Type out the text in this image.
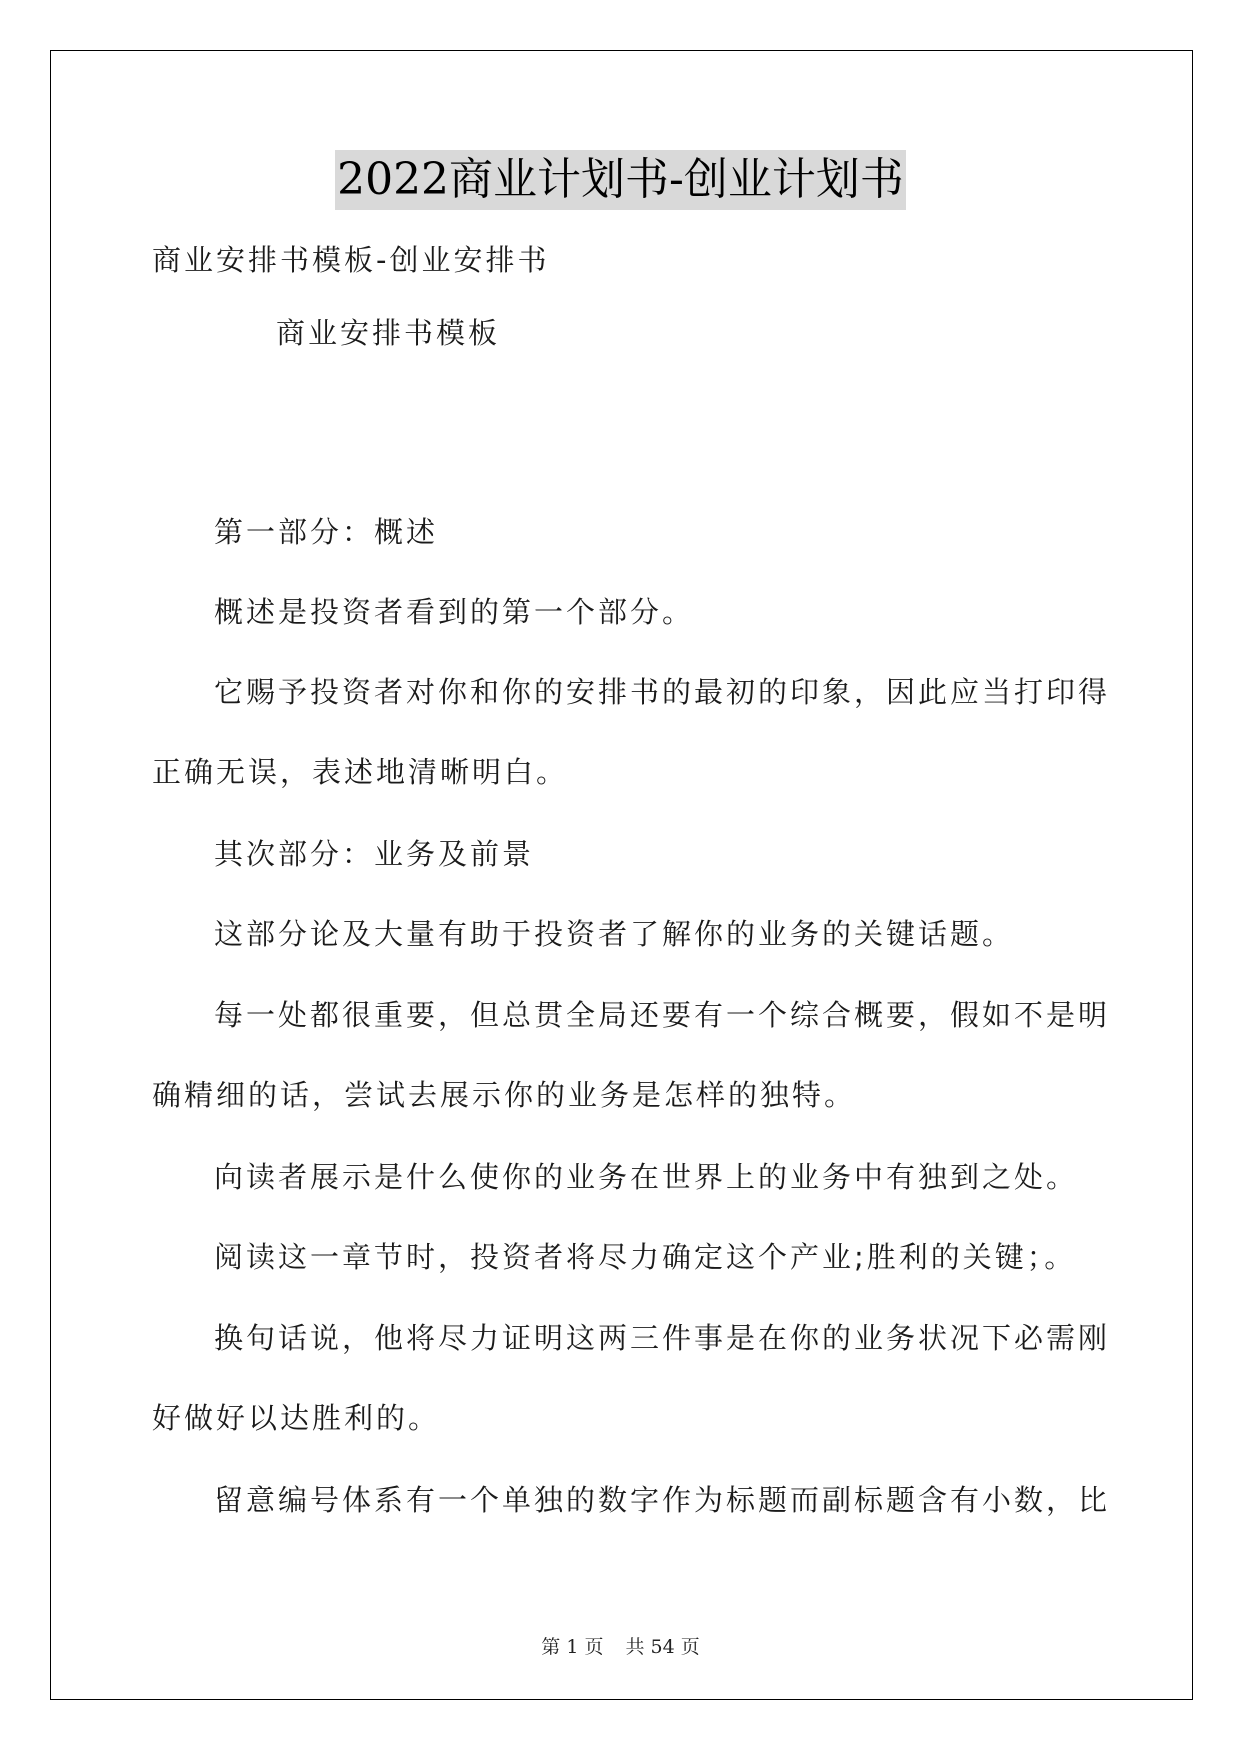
2022商业计划书-创业计划书
商业安排书模板-创业安排书
商业安排书模板
第一部分：概述
概述是投资者看到的第一个部分。
它赐予投资者对你和你的安排书的最初的印象，因此应当打印得
正确无误，表述地清晰明白。
其次部分：业务及前景
这部分论及大量有助于投资者了解你的业务的关键话题。
每一处都很重要，但总贯全局还要有一个综合概要，假如不是明
确精细的话，尝试去展示你的业务是怎样的独特。
向读者展示是什么使你的业务在世界上的业务中有独到之处。
阅读这一章节时，投资者将尽力确定这个产业;胜利的关键；。
换句话说，他将尽力证明这两三件事是在你的业务状况下必需刚
好做好以达胜利的。
留意编号体系有一个单独的数字作为标题而副标题含有小数，比
第 1 页 共 54 页
